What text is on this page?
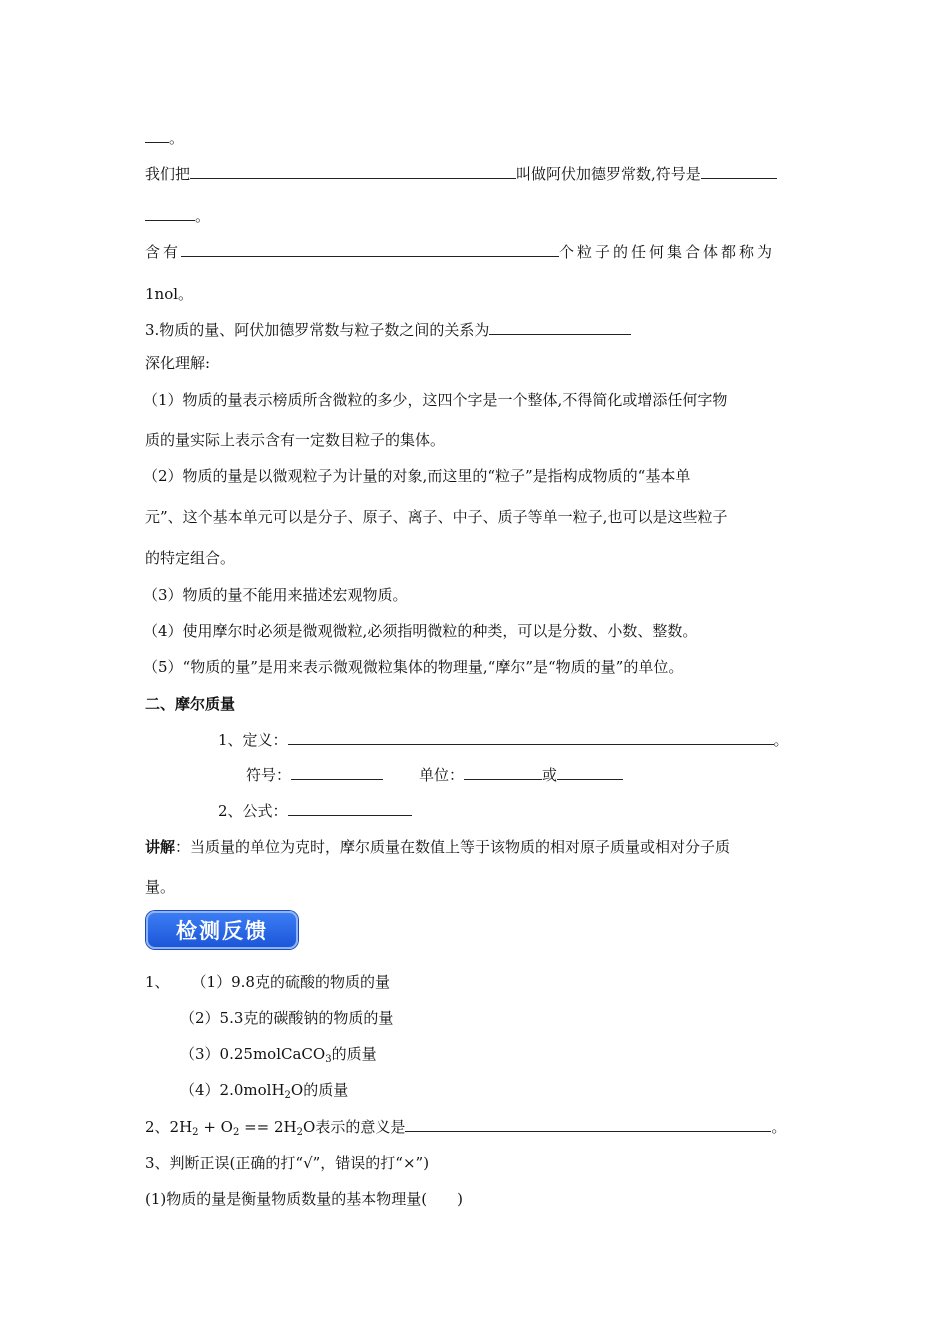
。
我们把	叫做阿伏加德罗常数,符号是
。
含有	个粒子的任何集合体都称为
1nol。
3.物质的量、阿伏加德罗常数与粒子数之间的关系为
深化理解:
（1）物质的量表示榜质所含微粒的多少，这四个字是一个整体,不得简化或增添任何字物
质的量实际上表示含有一定数目粒子的集体。
（2）物质的量是以微观粒子为计量的对象,而这里的“粒子”是指构成物质的“基本单
元”、这个基本单元可以是分子、原子、离子、中子、质子等单一粒子,也可以是这些粒子
的特定组合。
（3）物质的量不能用来描述宏观物质。
（4）使用摩尔时必须是微观微粒,必须指明微粒的种类，可以是分数、小数、整数。
（5）“物质的量”是用来表示微观微粒集体的物理量,“摩尔”是“物质的量”的单位。
二、摩尔质量
1、定义：	。
符号：	单位：	或
2、公式：
讲解：当质量的单位为克时，摩尔质量在数值上等于该物质的相对原子质量或相对分子质
量。
检测反馈
1、 （1）9.8克的硫酸的物质的量
（2）5.3克的碳酸钠的物质的量
（3）0.25molCaCO$_3$的质量
（4）2.0molH$_2$O的质量
2、$2H_2 + O_2 == 2H_2O$表示的意义是	。
3、判断正误(正确的打“√”，错误的打“×”)
(1)物质的量是衡量物质数量的基本物理量(　　)
